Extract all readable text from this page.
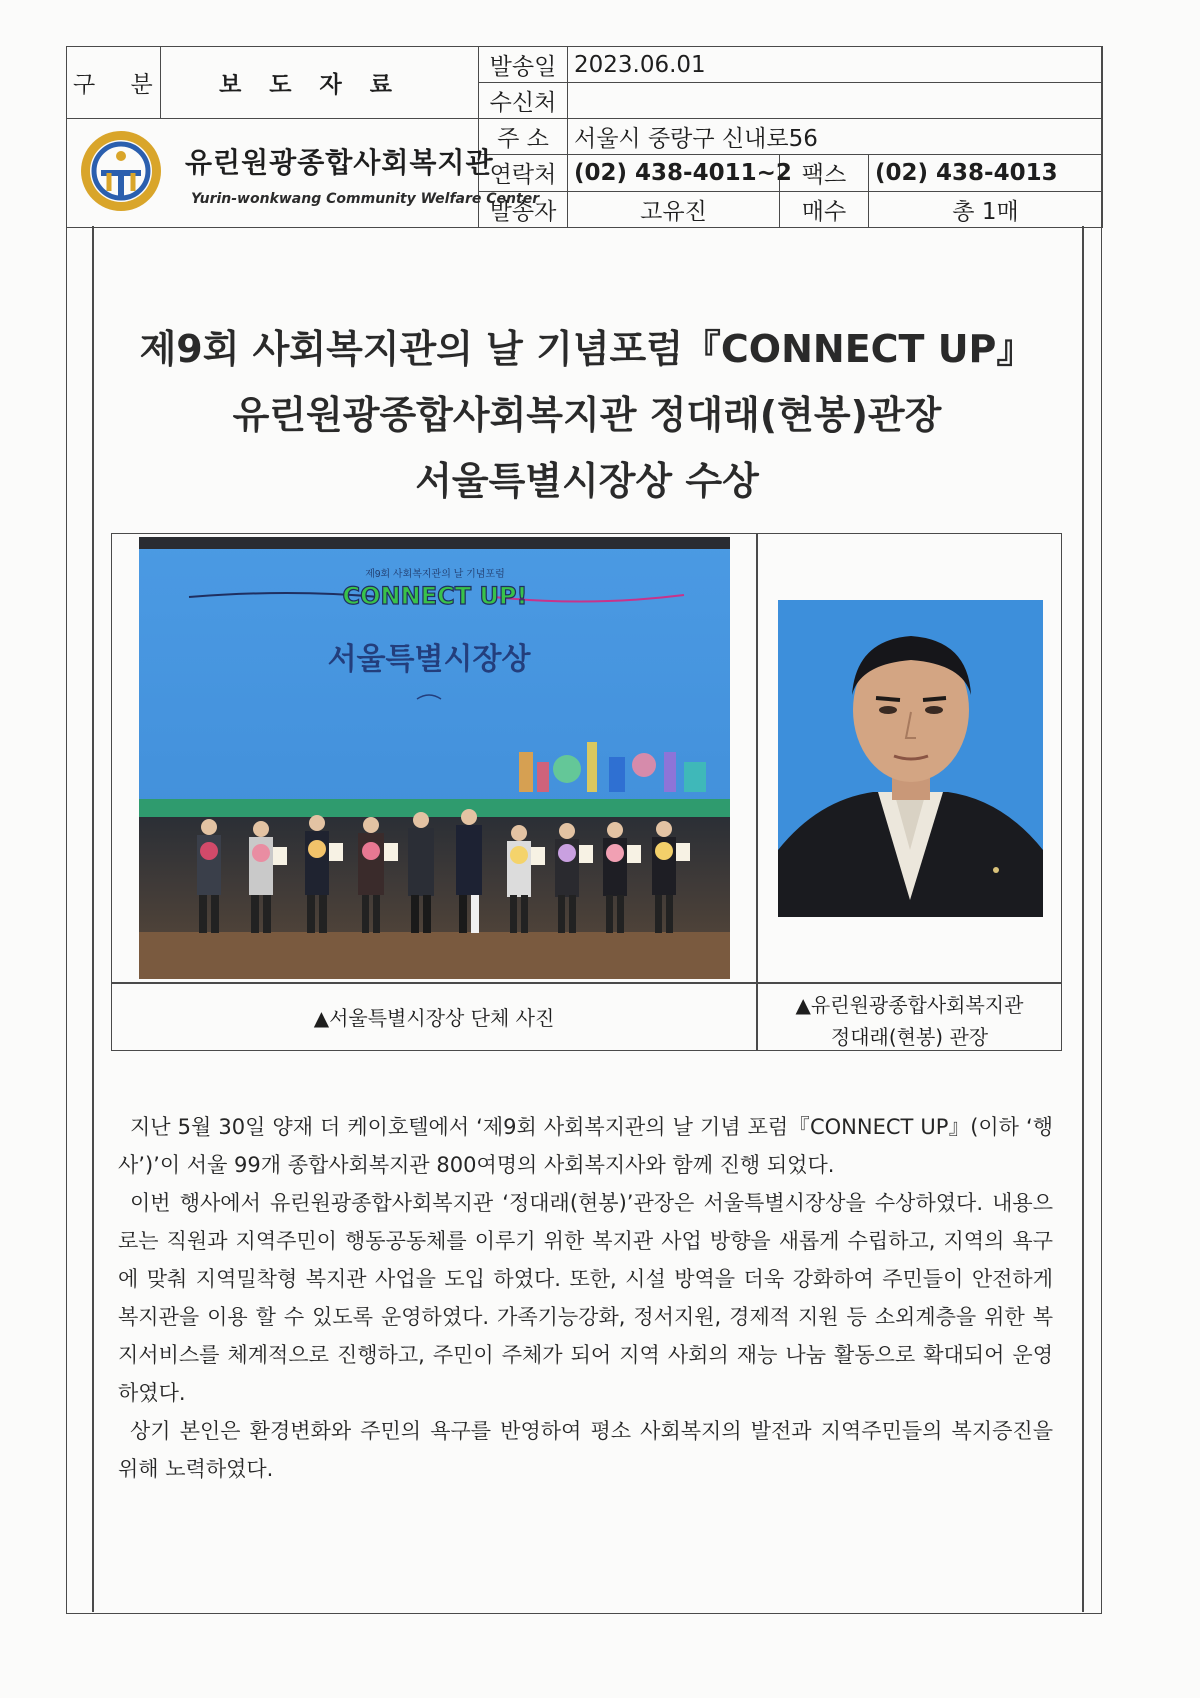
구 분	보도자료	발송일	2023.06.01		
		수신처			

유린원광종합사회복지관
Yurin-wonkwang Community Welfare Center		주 소	서울시 중랑구 신내로56		
		연락처	(02) 438-4011~2	팩스	(02) 438-4013
		발송자	고유진	매수	총 1매
제9회 사회복지관의 날 기념포럼『CONNECT UP』
유린원광종합사회복지관 정대래(현봉)관장
서울특별시장상 수상
제9회 사회복지관의 날 기념포럼
CONNECT UP!
서울특별시장상
▲서울특별시장상 단체 사진
▲유린원광종합사회복지관
정대래(현봉) 관장

지난 5월 30일 양재 더 케이호텔에서 ‘제9회 사회복지관의 날 기념 포럼『CONNECT UP』(이하 ‘행사’)’이 서울 99개 종합사회복지관 800여명의 사회복지사와 함께 진행 되었다.

이번 행사에서 유린원광종합사회복지관 ‘정대래(현봉)’관장은 서울특별시장상을 수상하였다. 내용으로는 직원과 지역주민이 행동공동체를 이루기 위한 복지관 사업 방향을 새롭게 수립하고, 지역의 욕구에 맞춰 지역밀착형 복지관 사업을 도입 하였다. 또한, 시설 방역을 더욱 강화하여 주민들이 안전하게 복지관을 이용 할 수 있도록 운영하였다. 가족기능강화, 정서지원, 경제적 지원 등 소외계층을 위한 복지서비스를 체계적으로 진행하고, 주민이 주체가 되어 지역 사회의 재능 나눔 활동으로 확대되어 운영 하였다.

상기 본인은 환경변화와 주민의 욕구를 반영하여 평소 사회복지의 발전과 지역주민들의 복지증진을 위해 노력하였다.
